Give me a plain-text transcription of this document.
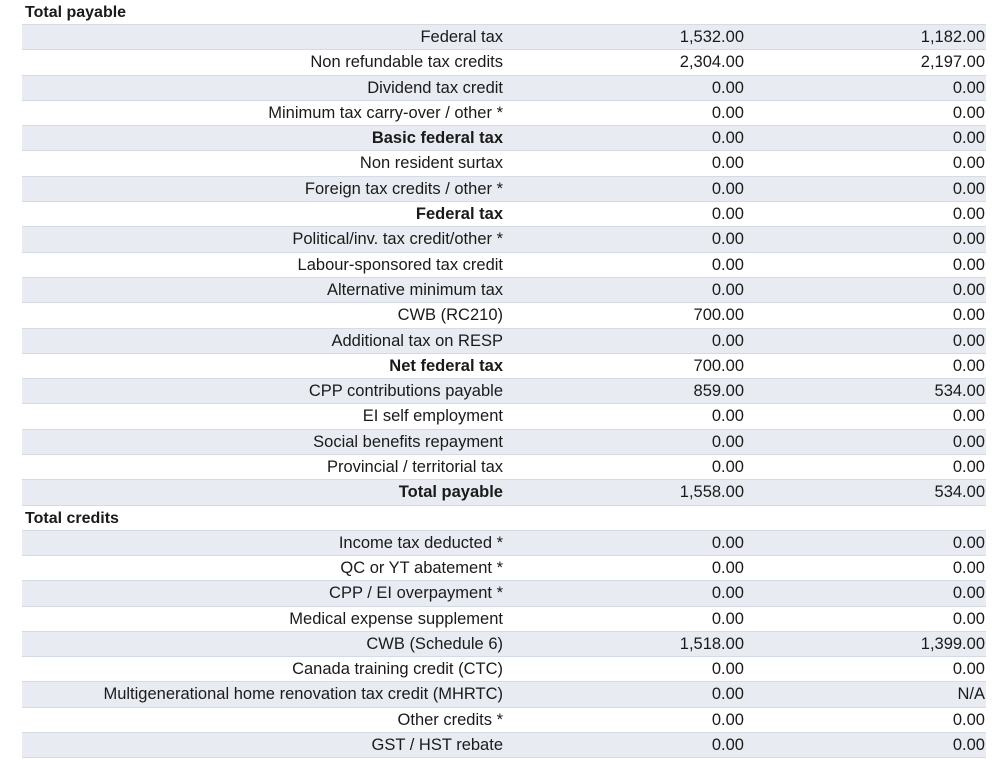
Total payable
Federal tax	1,532.00	1,182.00
Non refundable tax credits	2,304.00	2,197.00
Dividend tax credit	0.00	0.00
Minimum tax carry-over / other *	0.00	0.00
Basic federal tax	0.00	0.00
Non resident surtax	0.00	0.00
Foreign tax credits / other *	0.00	0.00
Federal tax	0.00	0.00
Political/inv. tax credit/other *	0.00	0.00
Labour-sponsored tax credit	0.00	0.00
Alternative minimum tax	0.00	0.00
CWB (RC210)	700.00	0.00
Additional tax on RESP	0.00	0.00
Net federal tax	700.00	0.00
CPP contributions payable	859.00	534.00
EI self employment	0.00	0.00
Social benefits repayment	0.00	0.00
Provincial / territorial tax	0.00	0.00
Total payable	1,558.00	534.00
Total credits
Income tax deducted *	0.00	0.00
QC or YT abatement *	0.00	0.00
CPP / EI overpayment *	0.00	0.00
Medical expense supplement	0.00	0.00
CWB (Schedule 6)	1,518.00	1,399.00
Canada training credit (CTC)	0.00	0.00
Multigenerational home renovation tax credit (MHRTC)	0.00	N/A
Other credits *	0.00	0.00
GST / HST rebate	0.00	0.00
